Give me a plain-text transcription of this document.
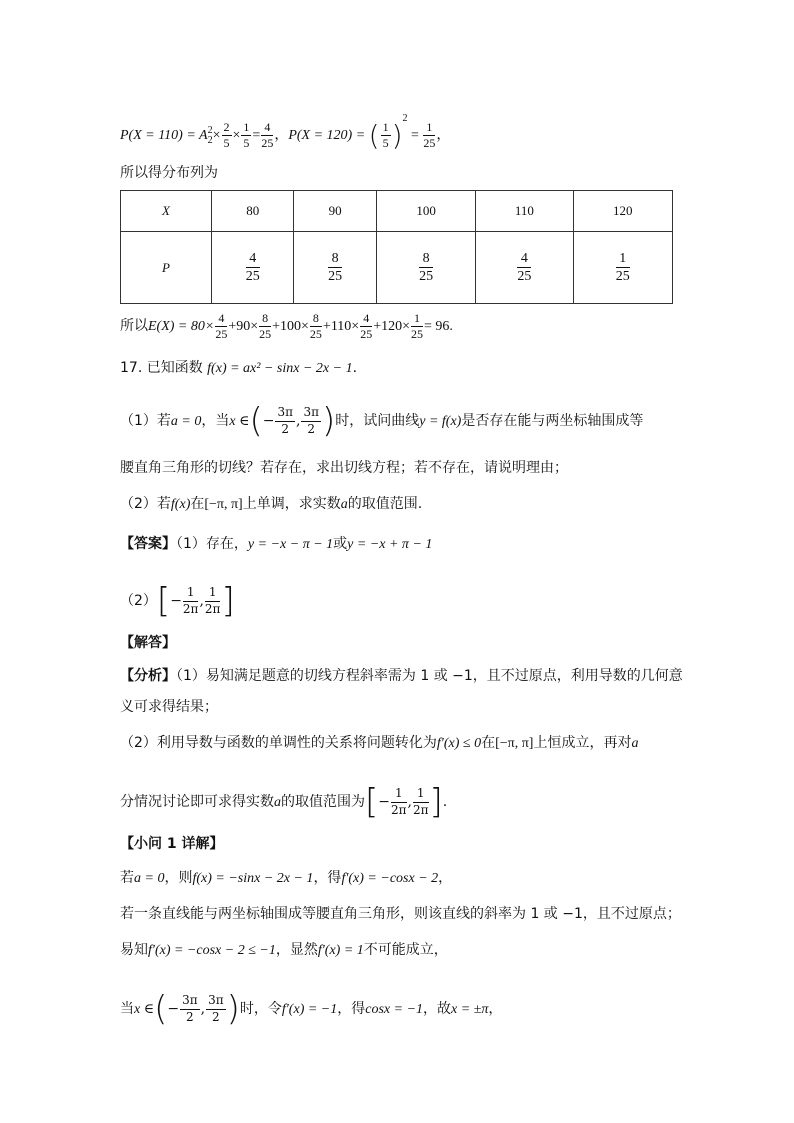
P(X = 110) = A 2
$2 \times \frac{2}{5} \times \frac{1}{5} = \frac{4}{25}$ ，P(X = 120) = ( $\frac{1}{5} )^2 = \frac{1}{25}$ ，
所以得分布列为
X	80	90	100	110	120
P	$\frac{4}{25}$	$\frac{8}{25}$	$\frac{8}{25}$	$\frac{4}{25}$	$\frac{1}{25}$
所以$E(X) = 80\times \frac{4}{25} +90\times \frac{8}{25} +100\times \frac{8}{25} +110\times \frac{4}{25} +120\times \frac{1}{25} = 96$.
17. 已知函数 f(x) = ax² − sinx − 2x − 1.
（1）若a = 0，当x ∈(− $\frac{3\pi}{2}$ , $\frac{3\pi}{2}$ )时，试问曲线y = f(x)是否存在能与两坐标轴围成等
腰直角三角形的切线？若存在，求出切线方程；若不存在，请说明理由；
（2）若f(x)在[−π, π]上单调，求实数a的取值范围.
【答案】（1）存在，y = −x − π − 1或y = −x + π − 1
$(2)[- \frac{1}{2\pi}$ , $\frac{1}{2\pi}$ ]
【解答】
【分析】（1）易知满足题意的切线方程斜率需为 1 或 −1，且不过原点，利用导数的几何意
义可求得结果；
（2）利用导数与函数的单调性的关系将问题转化为f′(x) ≤ 0在[−π, π]上恒成立，再对a
分情况讨论即可求得实数a的取值范围为[− $\frac{1}{2\pi}$ , $\frac{1}{2\pi}$ ].
【小问 1 详解】
若a = 0，则f(x) = −sinx − 2x − 1，得f′(x) = −cosx − 2，
若一条直线能与两坐标轴围成等腰直角三角形，则该直线的斜率为 1 或 −1，且不过原点；
易知f′(x) = −cosx − 2 ≤ −1，显然f′(x) = 1不可能成立，
当x ∈(− $\frac{3\pi}{2}$ , $\frac{3\pi}{2}$ )时，令f′(x) = −1，得cosx = −1，故x = ±π，
